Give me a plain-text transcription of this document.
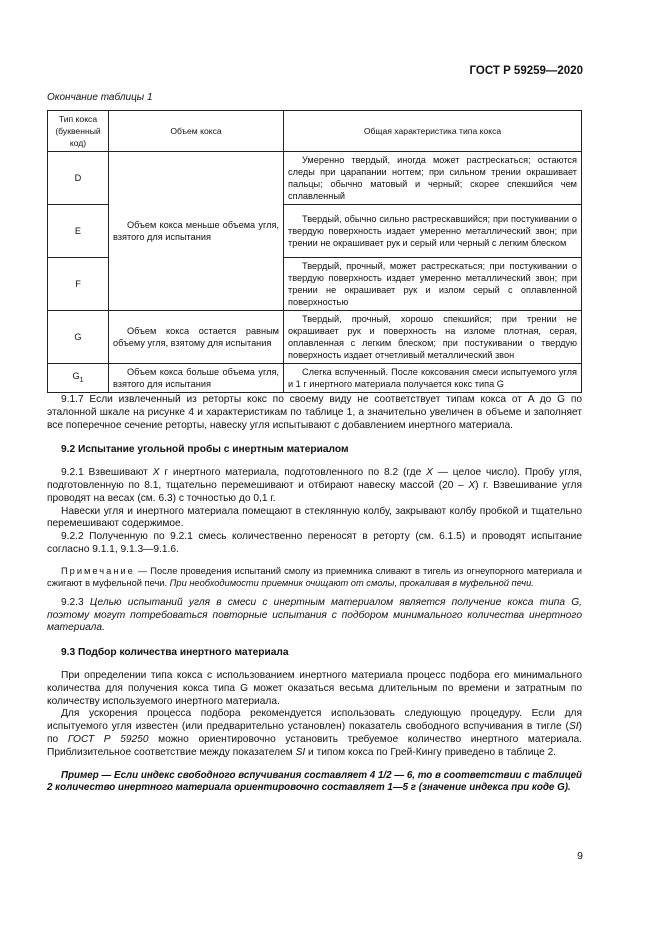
ГОСТ Р 59259—2020
Окончание таблицы 1
Тип кокса (буквенный код)	Объем кокса	Общая характеристика типа кокса
D	Объем кокса меньше объема угля, взятого для испытания	Умеренно твердый, иногда может растрескаться; остаются следы при царапании ногтем; при сильном трении окрашивает пальцы; обычно матовый и черный; скорее спекшийся чем сплавленный
E		Твердый, обычно сильно растрескавшийся; при постукивании о твердую поверхность издает умеренно металлический звон; при трении не окрашивает рук и серый или черный с легким блеском
F		Твердый, прочный, может растрескаться; при постукивании о твердую поверхность издает умеренно металлический звон; при трении не окрашивает рук и излом серый с оплавленной поверхностью
G	Объем кокса остается равным объему угля, взятому для испытания	Твердый, прочный, хорошо спекшийся; при трении не окрашивает рук и поверхность на изломе плотная, серая, оплавленная с легким блеском; при постукивании о твердую поверхность издает отчетливый металлический звон
$G_1$	Объем кокса больше объема угля, взятого для испытания	Слегка вспученный. После коксования смеси испытуемого угля и 1 г инертного материала получается кокс типа G

9.1.7 Если извлеченный из реторты кокс по своему виду не соответствует типам кокса от A до G по эталонной шкале на рисунке 4 и характеристикам по таблице 1, а значительно увеличен в объеме и заполняет все поперечное сечение реторты, навеску угля испытывают с добавлением инертного материала.

9.2 Испытание угольной пробы с инертным материалом

9.2.1 Взвешивают X г инертного материала, подготовленного по 8.2 (где X — целое число). Пробу угля, подготовленную по 8.1, тщательно перемешивают и отбирают навеску массой (20 – X) г. Взвешивание угля проводят на весах (см. 6.3) с точностью до 0,1 г.

Навески угля и инертного материала помещают в стеклянную колбу, закрывают колбу пробкой и тщательно перемешивают содержимое.

9.2.2 Полученную по 9.2.1 смесь количественно переносят в реторту (см. 6.1.5) и проводят испытание согласно 9.1.1, 9.1.3—9.1.6.

Примечание — После проведения испытаний смолу из приемника сливают в тигель из огнеупорного материала и сжигают в муфельной печи. При необходимости приемник очищают от смолы, прокаливая в муфельной печи.

9.2.3 Целью испытаний угля в смеси с инертным материалом является получение кокса типа G, поэтому могут потребоваться повторные испытания с подбором минимального количества инертного материала.

9.3 Подбор количества инертного материала

При определении типа кокса с использованием инертного материала процесс подбора его минимального количества для получения кокса типа G может оказаться весьма длительным по времени и затратным по количеству используемого инертного материала.

Для ускорения процесса подбора рекомендуется использовать следующую процедуру. Если для испытуемого угля известен (или предварительно установлен) показатель свободного вспучивания в тигле (SI) по ГОСТ Р 59250 можно ориентировочно установить требуемое количество инертного материала. Приблизительное соответствие между показателем SI и типом кокса по Грей-Кингу приведено в таблице 2.

Пример — Если индекс свободного вспучивания составляет 4 1/2 — 6, то в соответствии с таблицей 2 количество инертного материала ориентировочно составляет 1—5 г (значение индекса при коде G).

9
